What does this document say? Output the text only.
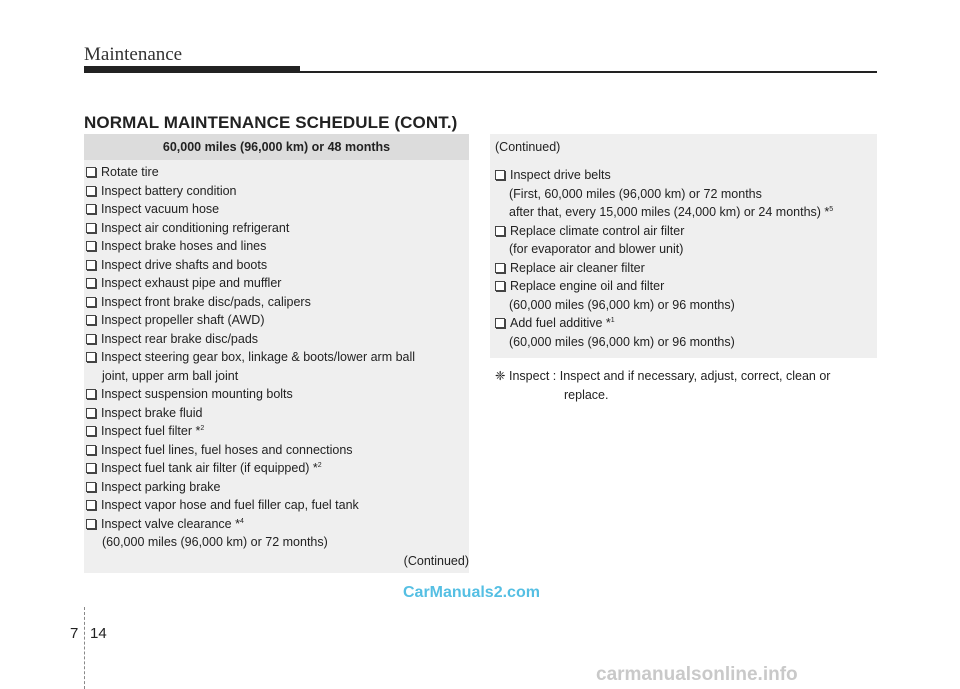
Maintenance
NORMAL MAINTENANCE SCHEDULE (CONT.)
60,000 miles (96,000 km) or 48 months
Rotate tire
Inspect battery condition
Inspect vacuum hose
Inspect air conditioning refrigerant
Inspect brake hoses and lines
Inspect drive shafts and boots
Inspect exhaust pipe and muffler
Inspect front brake disc/pads, calipers
Inspect propeller shaft (AWD)
Inspect rear brake disc/pads
Inspect steering gear box, linkage & boots/lower arm ball
joint, upper arm ball joint
Inspect suspension mounting bolts
Inspect brake fluid
Inspect fuel filter *$^2$
Inspect fuel lines, fuel hoses and connections
Inspect fuel tank air filter (if equipped) *$^2$
Inspect parking brake
Inspect vapor hose and fuel filler cap, fuel tank
Inspect valve clearance *$^4$
(60,000 miles (96,000 km) or 72 months)
(Continued)
(Continued)
Inspect drive belts
(First, 60,000 miles (96,000 km) or 72 months
after that, every 15,000 miles (24,000 km) or 24 months) *$^5$
Replace climate control air filter
(for evaporator and blower unit)
Replace air cleaner filter
Replace engine oil and filter
(60,000 miles (96,000 km) or 96 months)
Add fuel additive *$^1$
(60,000 miles (96,000 km) or 96 months)
❈ Inspect : Inspect and if necessary, adjust, correct, clean or
replace.
CarManuals2.com
7 14
carmanualsonline.info
